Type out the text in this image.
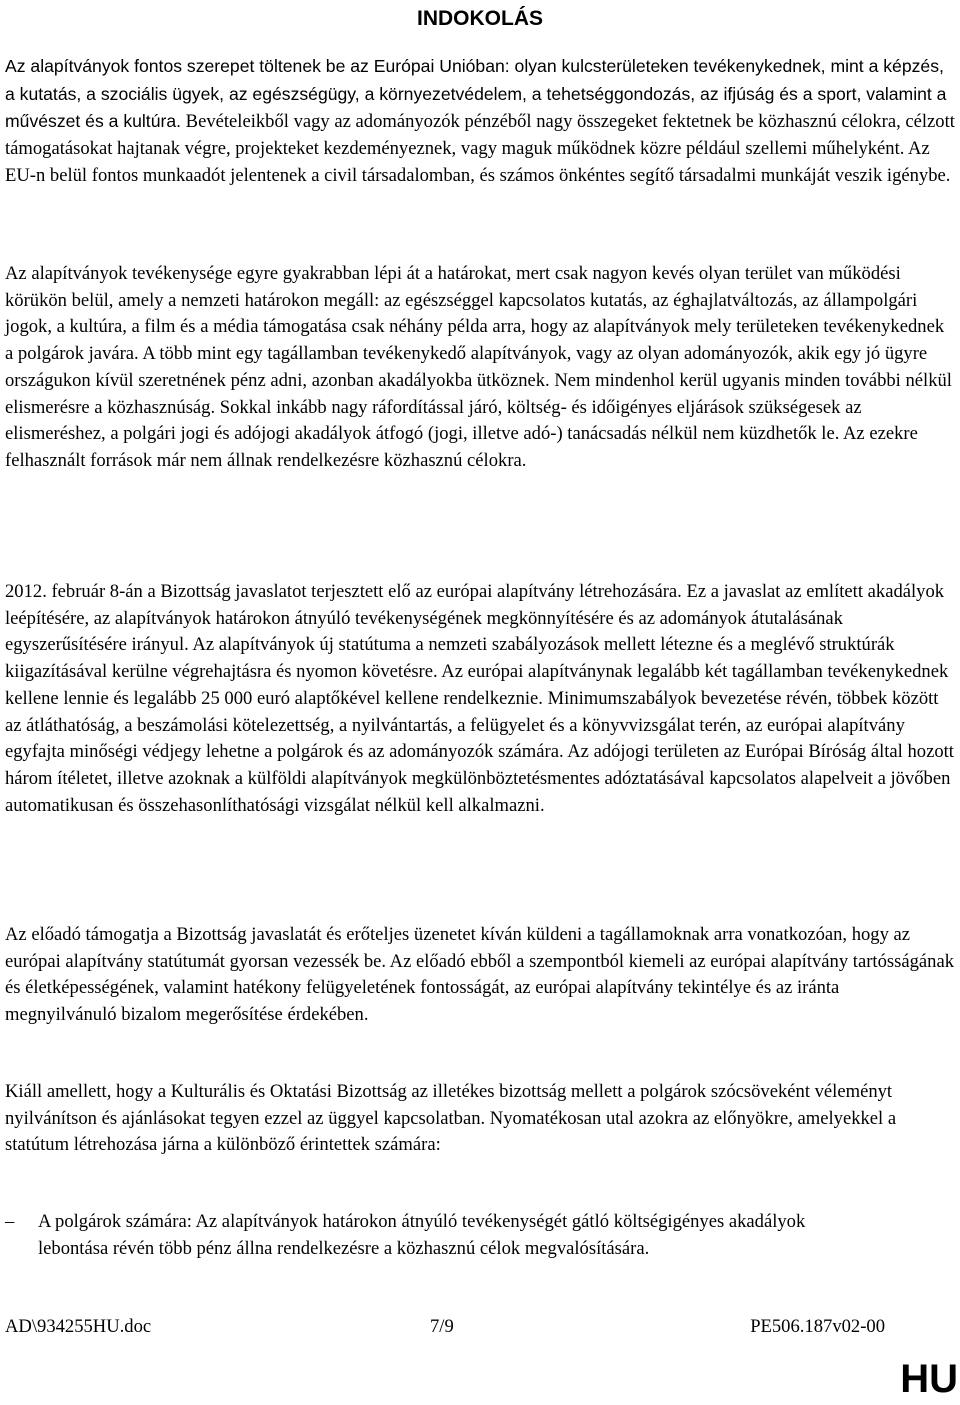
INDOKOLÁS

Az alapítványok fontos szerepet töltenek be az Európai Unióban: olyan kulcsterületeken tevékenykednek, mint a képzés, a kutatás, a szociális ügyek, az egészségügy, a környezetvédelem, a tehetséggondozás, az ifjúság és a sport, valamint a művészet és a kultúra. Bevételeikből vagy az adományozók pénzéből nagy összegeket fektetnek be közhasznú célokra, célzott támogatásokat hajtanak végre, projekteket kezdeményeznek, vagy maguk működnek közre például szellemi műhelyként. Az EU-n belül fontos munkaadót jelentenek a civil társadalomban, és számos önkéntes segítő társadalmi munkáját veszik igénybe.

Az alapítványok tevékenysége egyre gyakrabban lépi át a határokat, mert csak nagyon kevés olyan terület van működési körükön belül, amely a nemzeti határokon megáll: az egészséggel kapcsolatos kutatás, az éghajlatváltozás, az állampolgári jogok, a kultúra, a film és a média támogatása csak néhány példa arra, hogy az alapítványok mely területeken tevékenykednek a polgárok javára. A több mint egy tagállamban tevékenykedő alapítványok, vagy az olyan adományozók, akik egy jó ügyre országukon kívül szeretnének pénz adni, azonban akadályokba ütköznek. Nem mindenhol kerül ugyanis minden további nélkül elismerésre a közhasznúság. Sokkal inkább nagy ráfordítással járó, költség- és időigényes eljárások szükségesek az elismeréshez, a polgári jogi és adójogi akadályok átfogó (jogi, illetve adó-) tanácsadás nélkül nem küzdhetők le. Az ezekre felhasznált források már nem állnak rendelkezésre közhasznú célokra.

2012. február 8-án a Bizottság javaslatot terjesztett elő az európai alapítvány létrehozására. Ez a javaslat az említett akadályok leépítésére, az alapítványok határokon átnyúló tevékenységének megkönnyítésére és az adományok átutalásának egyszerűsítésére irányul. Az alapítványok új statútuma a nemzeti szabályozások mellett létezne és a meglévő struktúrák kiigazításával kerülne végrehajtásra és nyomon követésre. Az európai alapítványnak legalább két tagállamban tevékenykednek kellene lennie és legalább 25 000 euró alaptőkével kellene rendelkeznie. Minimumszabályok bevezetése révén, többek között az átláthatóság, a beszámolási kötelezettség, a nyilvántartás, a felügyelet és a könyvvizsgálat terén, az európai alapítvány egyfajta minőségi védjegy lehetne a polgárok és az adományozók számára. Az adójogi területen az Európai Bíróság által hozott három ítéletet, illetve azoknak a külföldi alapítványok megkülönböztetésmentes adóztatásával kapcsolatos alapelveit a jövőben automatikusan és összehasonlíthatósági vizsgálat nélkül kell alkalmazni.

Az előadó támogatja a Bizottság javaslatát és erőteljes üzenetet kíván küldeni a tagállamoknak arra vonatkozóan, hogy az európai alapítvány statútumát gyorsan vezessék be. Az előadó ebből a szempontból kiemeli az európai alapítvány tartósságának és életképességének, valamint hatékony felügyeletének fontosságát, az európai alapítvány tekintélye és az iránta megnyilvánuló bizalom megerősítése érdekében.

Kiáll amellett, hogy a Kulturális és Oktatási Bizottság az illetékes bizottság mellett a polgárok szócsöveként véleményt nyilvánítson és ajánlásokat tegyen ezzel az üggyel kapcsolatban. Nyomatékosan utal azokra az előnyökre, amelyekkel a statútum létrehozása járna a különböző érintettek számára:

– A polgárok számára: Az alapítványok határokon átnyúló tevékenységét gátló költségigényes akadályok lebontása révén több pénz állna rendelkezésre a közhasznú célok megvalósítására.
AD\934255HU.doc	7/9	PE506.187v02-00
HU
